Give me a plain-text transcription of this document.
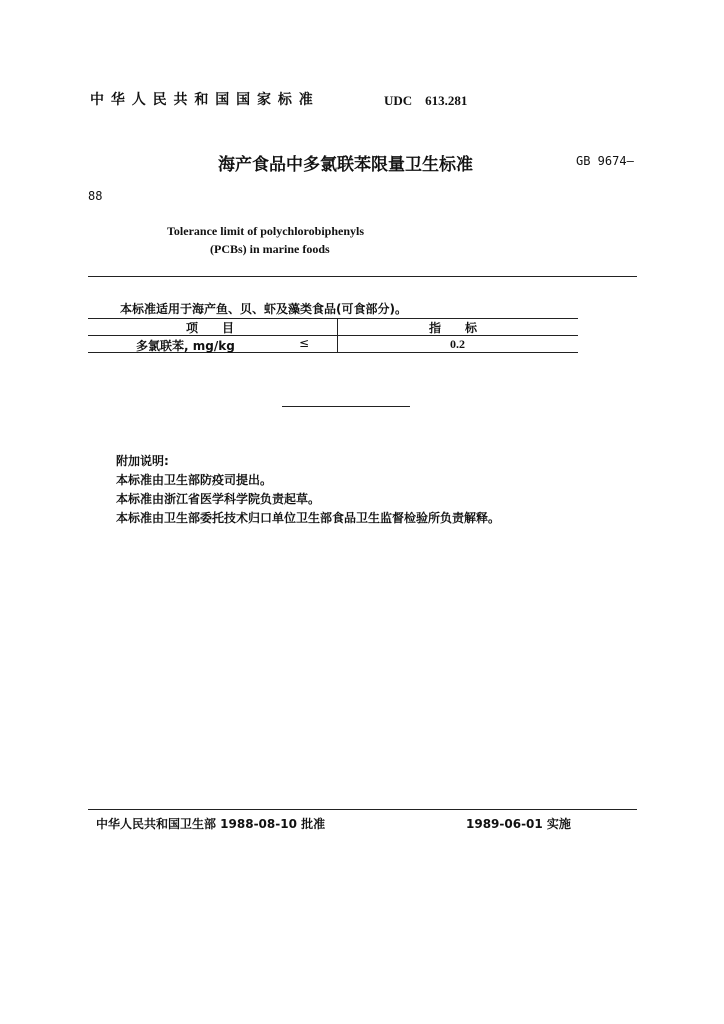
中 华 人 民 共 和 国 国 家 标 准	UDC　613.281
海产食品中多氯联苯限量卫生标准	GB 9674—
88
Tolerance limit of polychlorobiphenyls
(PCBs) in marine foods
本标准适用于海产鱼、贝、虾及藻类食品(可食部分)。
项　　目	指　　标
多氯联苯, mg/kg	≤	0.2
附加说明:
本标准由卫生部防疫司提出。
本标准由浙江省医学科学院负责起草。
本标准由卫生部委托技术归口单位卫生部食品卫生监督检验所负责解释。
中华人民共和国卫生部 1988-08-10 批准	1989-06-01 实施
